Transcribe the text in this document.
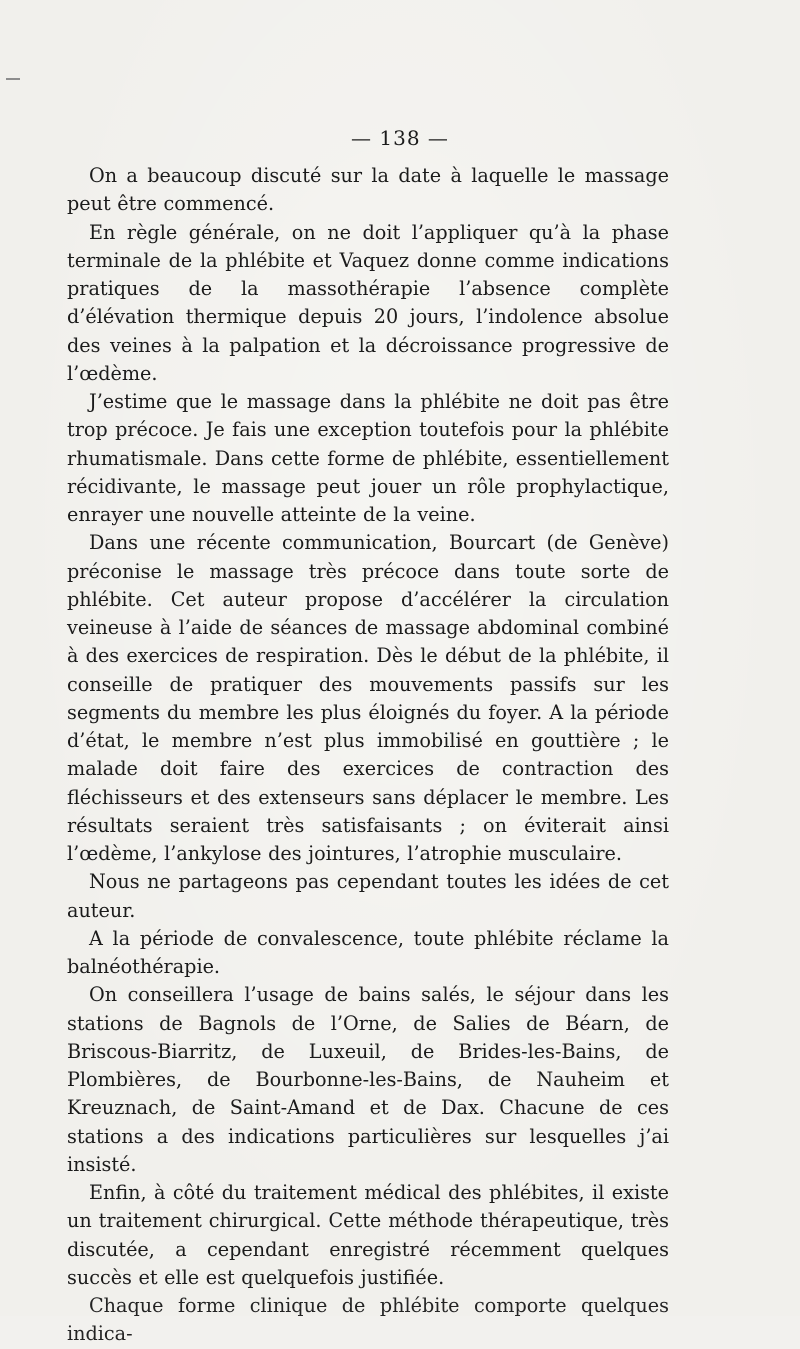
— 138 —

On a beaucoup discuté sur la date à laquelle le massage peut être commencé.

En règle générale, on ne doit l’appliquer qu’à la phase terminale de la phlébite et Vaquez donne comme indications pratiques de la massothérapie l’absence complète d’élévation thermique depuis 20 jours, l’indolence absolue des veines à la palpation et la décroissance progressive de l’œdème.

J’estime que le massage dans la phlébite ne doit pas être trop précoce. Je fais une exception toutefois pour la phlébite rhumatismale. Dans cette forme de phlébite, essentiellement récidivante, le massage peut jouer un rôle prophylactique, enrayer une nouvelle atteinte de la veine.

Dans une récente communication, Bourcart (de Genève) préconise le massage très précoce dans toute sorte de phlébite. Cet auteur propose d’accélérer la circulation veineuse à l’aide de séances de massage abdominal combiné à des exercices de respiration. Dès le début de la phlébite, il conseille de pratiquer des mouvements passifs sur les segments du membre les plus éloignés du foyer. A la période d’état, le membre n’est plus immobilisé en gouttière ; le malade doit faire des exercices de contraction des fléchisseurs et des extenseurs sans déplacer le membre. Les résultats seraient très satisfaisants ; on éviterait ainsi l’œdème, l’ankylose des jointures, l’atrophie musculaire.

Nous ne partageons pas cependant toutes les idées de cet auteur.

A la période de convalescence, toute phlébite réclame la balnéothérapie.

On conseillera l’usage de bains salés, le séjour dans les stations de Bagnols de l’Orne, de Salies de Béarn, de Briscous-Biarritz, de Luxeuil, de Brides-les-Bains, de Plombières, de Bourbonne-les-Bains, de Nauheim et Kreuznach, de Saint-Amand et de Dax. Chacune de ces stations a des indications particulières sur lesquelles j’ai insisté.

Enfin, à côté du traitement médical des phlébites, il existe un traitement chirurgical. Cette méthode thérapeutique, très discutée, a cependant enregistré récemment quelques succès et elle est quelquefois justifiée.

Chaque forme clinique de phlébite comporte quelques indica-
